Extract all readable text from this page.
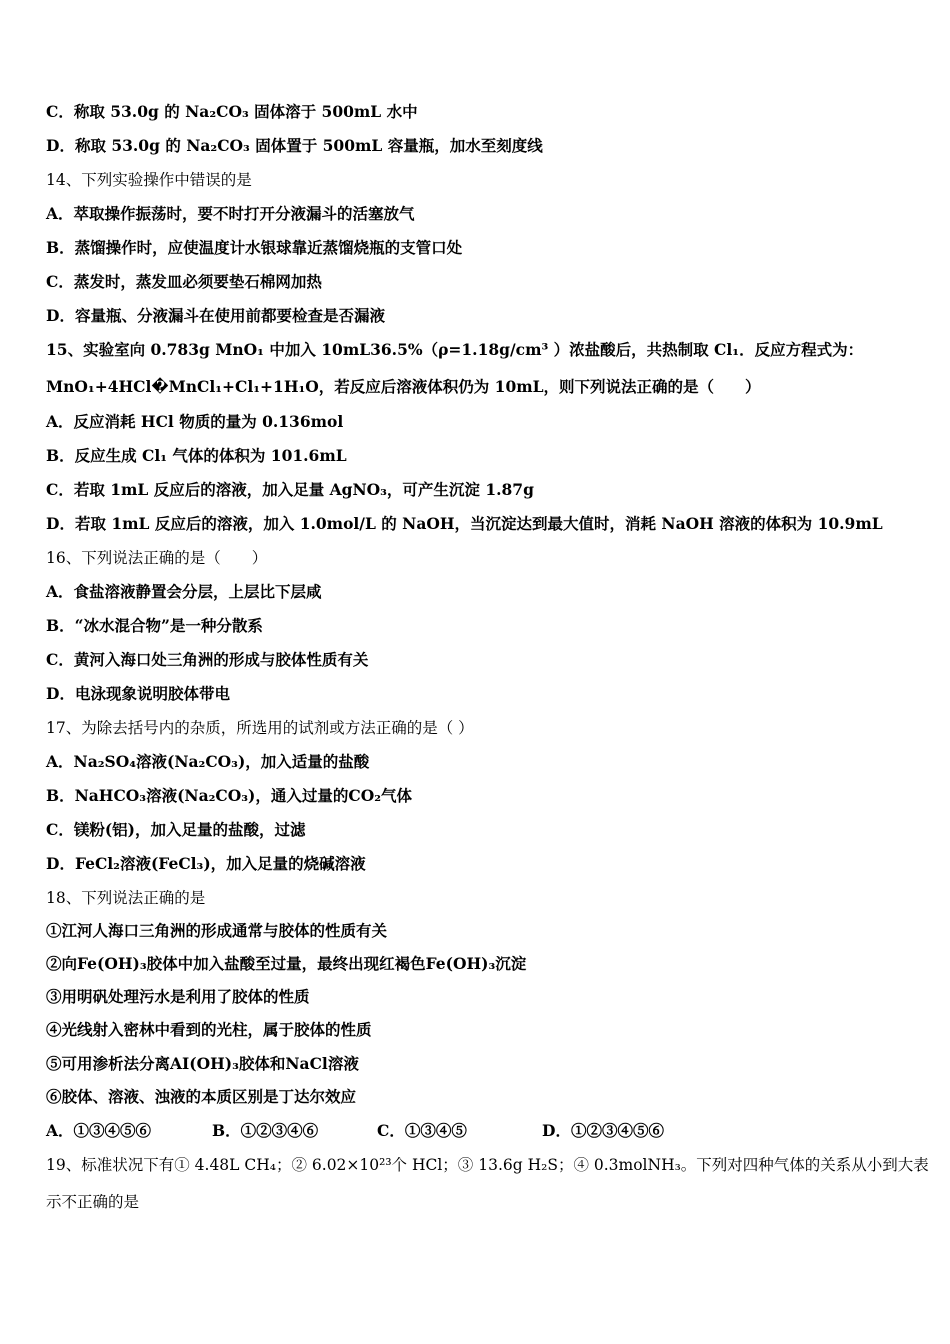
C．称取 53.0g 的 Na₂CO₃ 固体溶于 500mL 水中
D．称取 53.0g 的 Na₂CO₃ 固体置于 500mL 容量瓶，加水至刻度线
14、下列实验操作中错误的是
A．萃取操作振荡时，要不时打开分液漏斗的活塞放气
B．蒸馏操作时，应使温度计水银球靠近蒸馏烧瓶的支管口处
C．蒸发时，蒸发皿必须要垫石棉网加热
D．容量瓶、分液漏斗在使用前都要检查是否漏液
15、实验室向 0.783g MnO₁ 中加入 10mL36.5%（ρ=1.18g/cm³ ）浓盐酸后，共热制取 Cl₁．反应方程式为：
MnO₁+4HCl�MnCl₁+Cl₁+1H₁O，若反应后溶液体积仍为 10mL，则下列说法正确的是（　　）
A．反应消耗 HCl 物质的量为 0.136mol
B．反应生成 Cl₁ 气体的体积为 101.6mL
C．若取 1mL 反应后的溶液，加入足量 AgNO₃，可产生沉淀 1.87g
D．若取 1mL 反应后的溶液，加入 1.0mol/L 的 NaOH，当沉淀达到最大值时，消耗 NaOH 溶液的体积为 10.9mL
16、下列说法正确的是（　　）
A．食盐溶液静置会分层，上层比下层咸
B．“冰水混合物”是一种分散系
C．黄河入海口处三角洲的形成与胶体性质有关
D．电泳现象说明胶体带电
17、为除去括号内的杂质，所选用的试剂或方法正确的是（ ）
A．Na₂SO₄溶液(Na₂CO₃)，加入适量的盐酸
B．NaHCO₃溶液(Na₂CO₃)，通入过量的CO₂气体
C．镁粉(铝)，加入足量的盐酸，过滤
D．FeCl₂溶液(FeCl₃)，加入足量的烧碱溶液
18、下列说法正确的是
①江河人海口三角洲的形成通常与胶体的性质有关
②向Fe(OH)₃胶体中加入盐酸至过量，最终出现红褐色Fe(OH)₃沉淀
③用明矾处理污水是利用了胶体的性质
④光线射入密林中看到的光柱，属于胶体的性质
⑤可用渗析法分离AI(OH)₃胶体和NaCl溶液
⑥胶体、溶液、浊液的本质区别是丁达尔效应
A．①③④⑤⑥	B．①②③④⑥	C．①③④⑤	D．①②③④⑤⑥
19、标准状况下有① 4.48L CH₄；② 6.02×10²³个 HCl；③ 13.6g H₂S；④ 0.3molNH₃。下列对四种气体的关系从小到大表
示不正确的是
